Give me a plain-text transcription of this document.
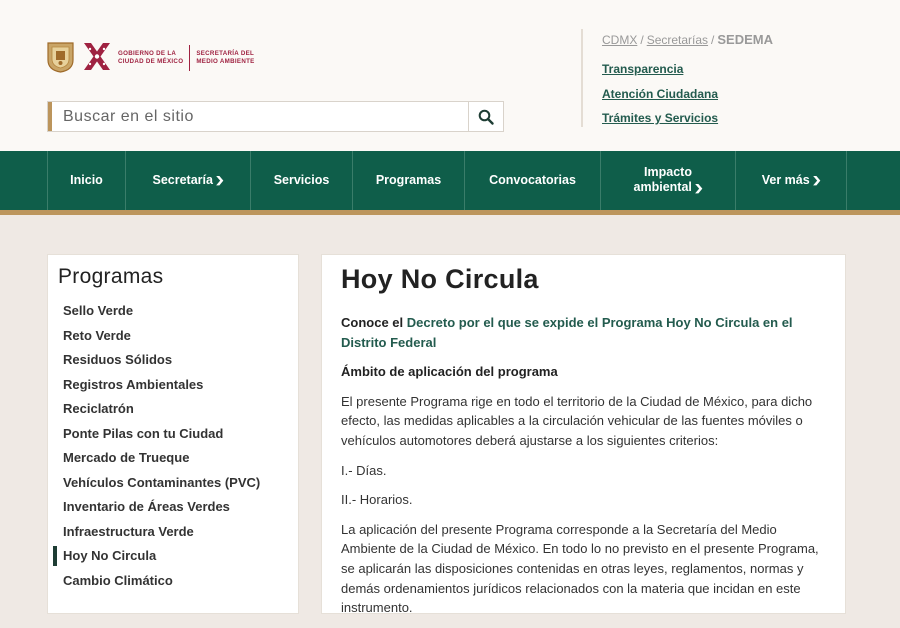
GOBIERNO DE LA
CIUDAD DE MÉXICO
SECRETARÍA DEL
MEDIO AMBIENTE
Buscar en el sitio
CDMX / Secretarías / SEDEMA
Transparencia
Atención Ciudadana
Trámites y Servicios
Inicio	Secretaría ❯	Servicios	Programas	Convocatorias
Impacto
ambiental ❯
Ver más ❯
Programas
Sello Verde
Reto Verde
Residuos Sólidos
Registros Ambientales
Reciclatrón
Ponte Pilas con tu Ciudad
Mercado de Trueque
Vehículos Contaminantes (PVC)
Inventario de Áreas Verdes
Infraestructura Verde
Hoy No Circula
Cambio Climático
Hoy No Circula

Conoce el Decreto por el que se expide el Programa Hoy No Circula en el Distrito Federal

Ámbito de aplicación del programa

El presente Programa rige en todo el territorio de la Ciudad de México, para dicho efecto, las medidas aplicables a la circulación vehicular de las fuentes móviles o vehículos automotores deberá ajustarse a los siguientes criterios:

I.- Días.

II.- Horarios.

La aplicación del presente Programa corresponde a la Secretaría del Medio Ambiente de la Ciudad de México. En todo lo no previsto en el presente Programa, se aplicarán las disposiciones contenidas en otras leyes, reglamentos, normas y demás ordenamientos jurídicos relacionados con la materia que incidan en este instrumento.
